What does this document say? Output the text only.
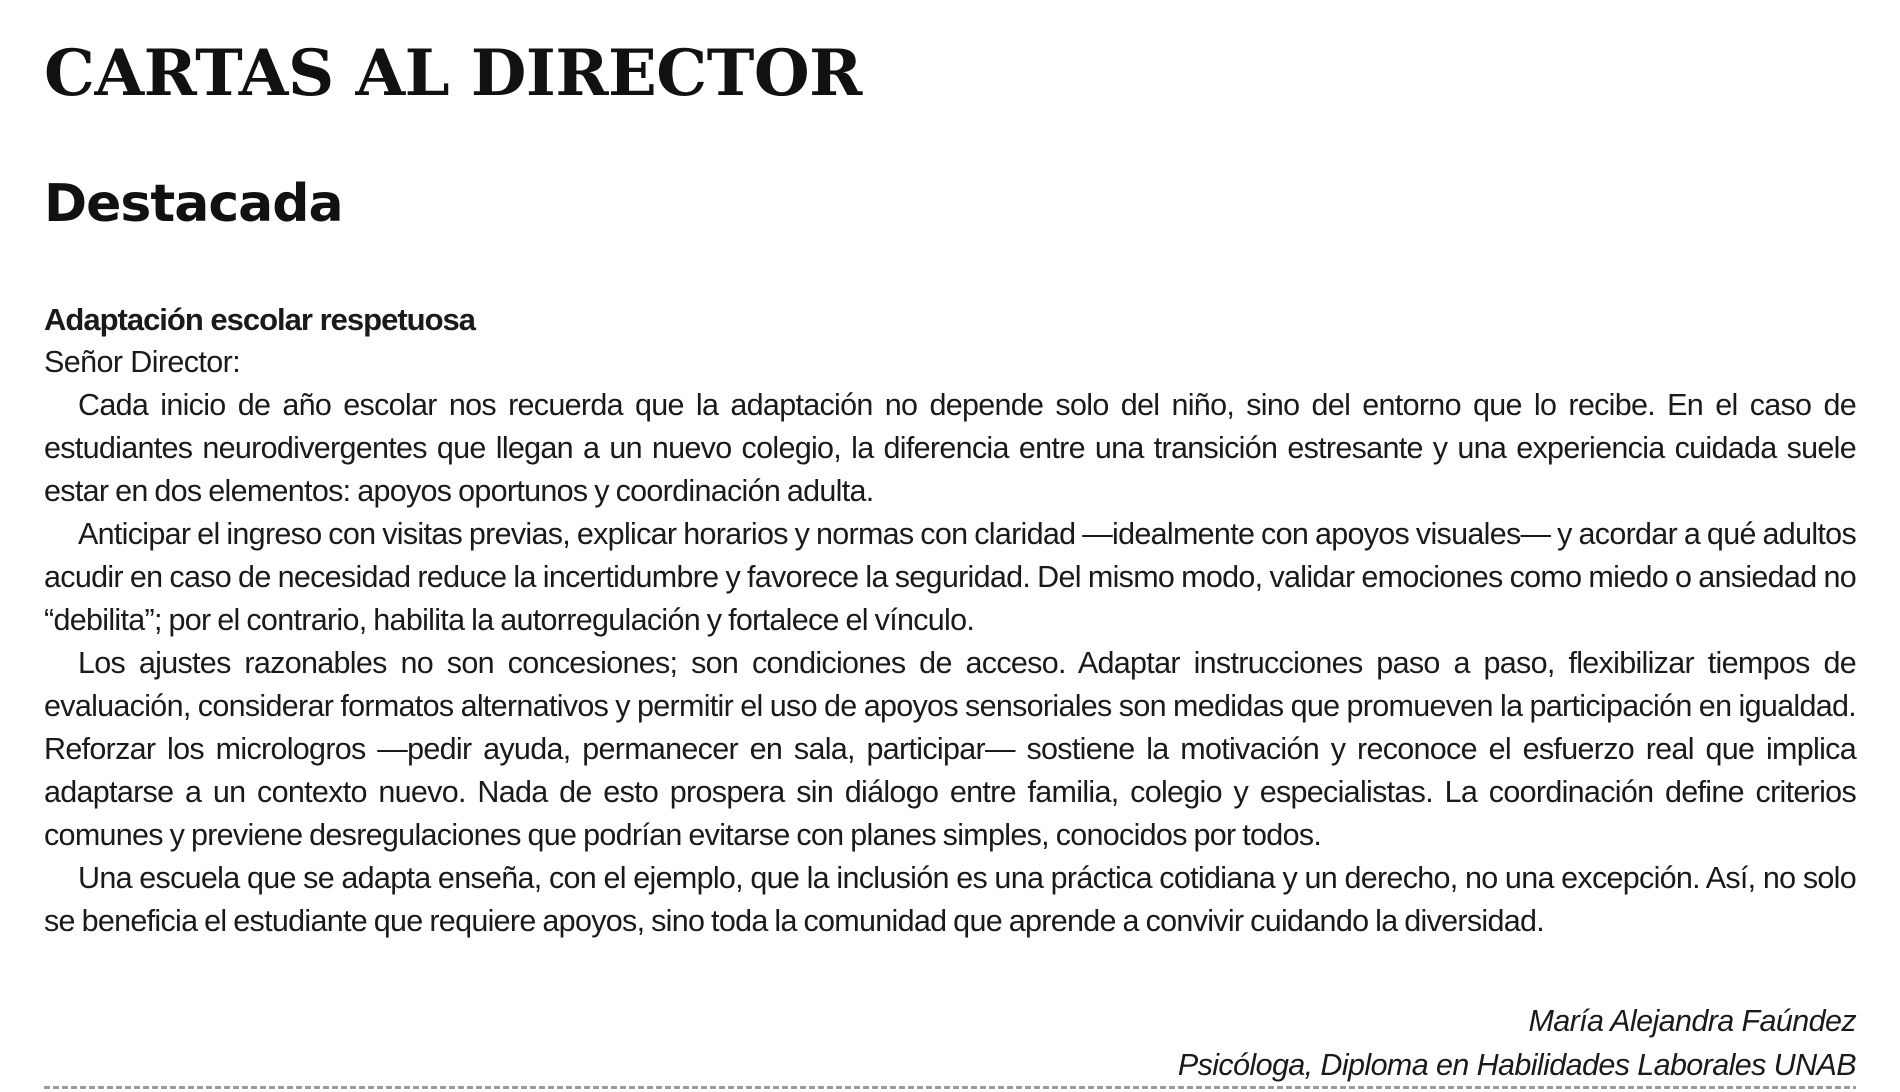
CARTAS AL DIRECTOR
Destacada
Adaptación escolar respetuosa

Señor Director:

Cada inicio de año escolar nos recuerda que la adaptación no depende solo del niño, sino del entorno que lo recibe. En el caso de estudiantes neurodivergentes que llegan a un nuevo colegio, la diferencia entre una transición estresante y una experiencia cuidada suele estar en dos elementos: apoyos oportunos y coordinación adulta.

Anticipar el ingreso con visitas previas, explicar horarios y normas con claridad —idealmente con apoyos visuales— y acordar a qué adultos acudir en caso de necesidad reduce la incertidumbre y favorece la seguridad. Del mismo modo, validar emociones como miedo o ansiedad no “debilita”; por el contrario, habilita la autorregulación y fortalece el vínculo.

Los ajustes razonables no son concesiones; son condiciones de acceso. Adaptar instrucciones paso a paso, flexibilizar tiempos de evaluación, considerar formatos alternativos y permitir el uso de apoyos sensoriales son medidas que promueven la participación en igualdad. Reforzar los micrologros —pedir ayuda, permanecer en sala, participar— sostiene la motivación y reconoce el esfuerzo real que implica adaptarse a un contexto nuevo. Nada de esto prospera sin diálogo entre familia, colegio y especialistas. La coordinación define criterios comunes y previene desregulaciones que podrían evitarse con planes simples, conocidos por todos.

Una escuela que se adapta enseña, con el ejemplo, que la inclusión es una práctica cotidiana y un derecho, no una excepción. Así, no solo se beneficia el estudiante que requiere apoyos, sino toda la comunidad que aprende a convivir cuidando la diversidad.

María Alejandra Faúndez
Psicóloga, Diploma en Habilidades Laborales UNAB
